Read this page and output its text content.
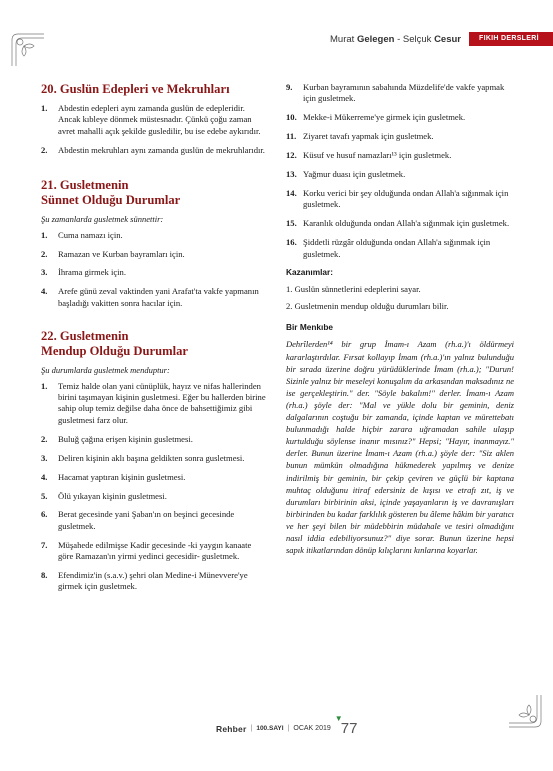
Murat Gelegen - Selçuk Cesur	FIKIH DERSLERİ
20. Guslün Edepleri ve Mekruhları
1.	Abdestin edepleri aynı zamanda guslün de edepleridir. Ancak kıbleye dönmek müstesnadır. Çünkü çoğu zaman avret mahalli açık şekilde gusledilir, bu ise edebe aykırıdır.
2.	Abdestin mekruhları aynı zamanda guslün de mekruhlarıdır.
21. Gusletmenin
Sünnet Olduğu Durumlar

Şu zamanlarda gusletmek sünnettir:

1.	Cuma namazı için.
2.	Ramazan ve Kurban bayramları için.
3.	İhrama girmek için.
4.	Arefe günü zeval vaktinden yani Arafat'ta vakfe yapmanın başladığı vakitten sonra hacılar için.
22. Gusletmenin
Mendup Olduğu Durumlar

Şu durumlarda gusletmek menduptur:

1.	Temiz halde olan yani cünüplük, hayız ve nifas hallerinden birini taşımayan kişinin gusletmesi. Eğer bu hallerden birine sahip olup temiz değilse daha önce de bahsettiğimiz gibi gusletmesi farz olur.
2.	Buluğ çağına erişen kişinin gusletmesi.
3.	Deliren kişinin aklı başına geldikten sonra gusletmesi.
4.	Hacamat yaptıran kişinin gusletmesi.
5.	Ölü yıkayan kişinin gusletmesi.
6.	Berat gecesinde yani Şaban'ın on beşinci gecesinde gusletmek.
7.	Müşahede edilmişse Kadir gecesinde -ki yaygın kanaate göre Ramazan'ın yirmi yedinci gecesidir- gusletmek.
8.	Efendimiz'in (s.a.v.) şehri olan Medine-i Münevvere'ye girmek için gusletmek.
9.	Kurban bayramının sabahında Müzdelife'de vakfe yapmak için gusletmek.
10. Mekke-i Mükerreme'ye girmek için gusletmek.
11. Ziyaret tavafı yapmak için gusletmek.
12. Küsuf ve husuf namazları¹³ için gusletmek.
13. Yağmur duası için gusletmek.
14. Korku verici bir şey olduğunda ondan Allah'a sığınmak için gusletmek.
15. Karanlık olduğunda ondan Allah'a sığınmak için gusletmek.
16. Şiddetli rüzgâr olduğunda ondan Allah'a sığınmak için gusletmek.
Kazanımlar:

1. Guslün sünnetlerini edeplerini sayar.

2. Gusletmenin mendup olduğu durumları bilir.

Bir Menkıbe

Dehrîlerden¹⁴ bir grup İmam-ı Azam (rh.a.)'ı öldürmeyi kararlaştırdılar. Fırsat kollayıp İmam (rh.a.)'ın yalnız bulunduğu bir sırada üzerine doğru yürüdüklerinde İmam (rh.a.); "Durun! Sizinle yalnız bir meseleyi konuşalım da arkasından maksadınız ne ise gerçekleştirin." der. "Söyle bakalım!" derler. İmam-ı Azam (rh.a.) şöyle der: "Mal ve yükle dolu bir geminin, deniz dalgalarının coştuğu bir zamanda, içinde kaptan ve mürettebatı bulunmadığı halde hiçbir zarara uğramadan sahile ulaşıp kurtulduğu söylense inanır mısınız?" Hepsi; "Hayır, inanmayız." derler. Bunun üzerine İmam-ı Azam (rh.a.) şöyle der: "Siz aklen bunun mümkün olmadığına hükmederek yapılmış ve denize indirilmiş bir geminin, bir çekip çeviren ve güçlü bir kaptana muhtaç olduğunu itiraf edersiniz de kışısı ve etrafı zıt, iş ve durumları birbirinin aksi, içinde yaşayanların iş ve davranışları birbirinden bu kadar farklılık gösteren bu âleme hâkim bir yaratıcı ve her şeyi bilen bir müdebbirin müdahale ve tesiri olmadığını nasıl iddia edebiliyorsunuz?" diye sorar. Bunun üzerine hepsi sapık itikatlarından dönüp kılıçlarını kınlarına koyarlar.

Rehber | 100.SAYI | OCAK 2019
▼
77
